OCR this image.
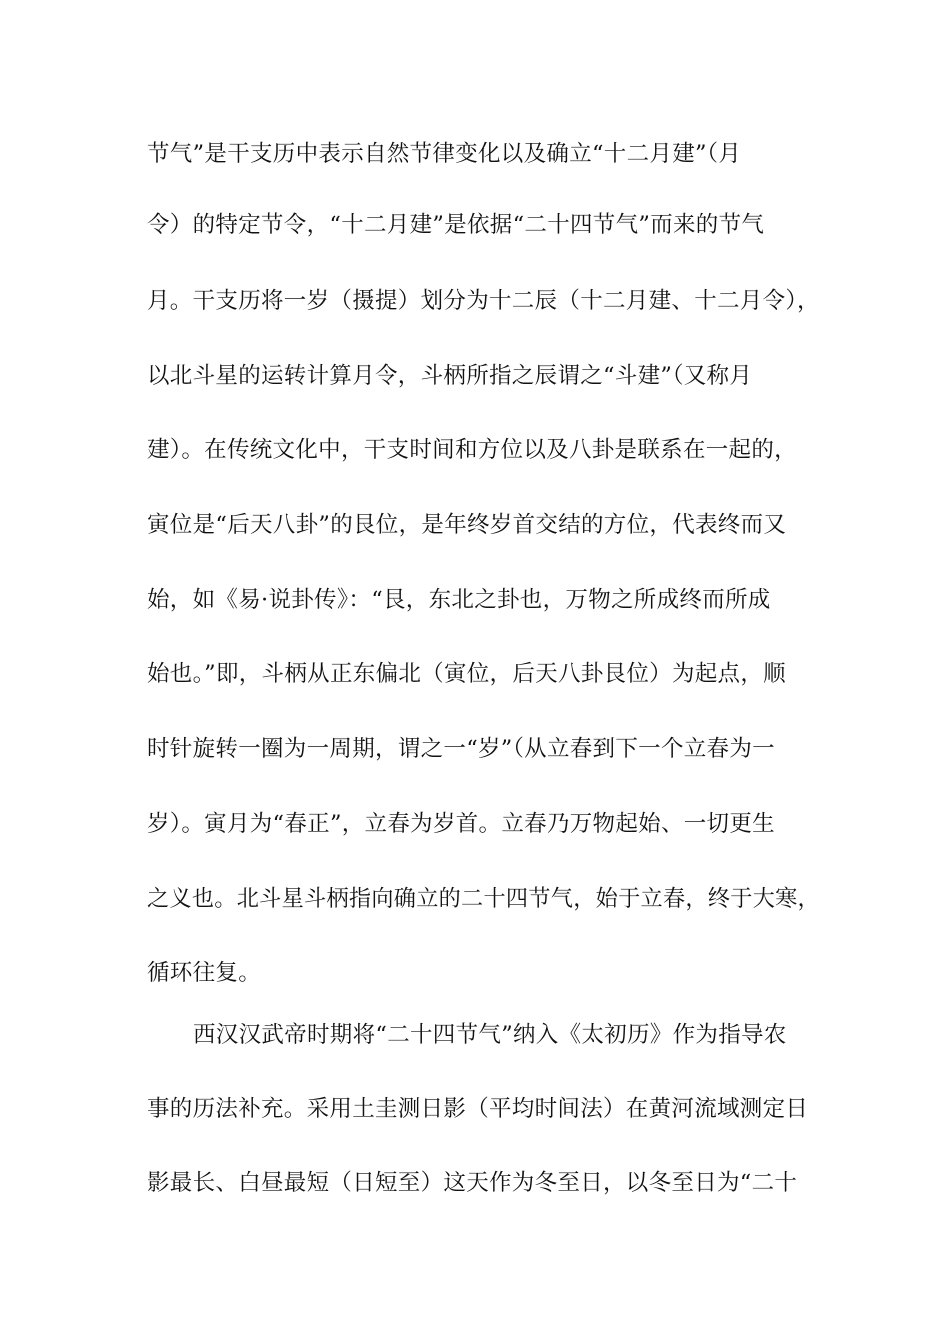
节气”是干支历中表示自然节律变化以及确立“十二月建”（月
令）的特定节令，“十二月建”是依据“二十四节气”而来的节气
月。干支历将一岁（摄提）划分为十二辰（十二月建、十二月令），
以北斗星的运转计算月令，斗柄所指之辰谓之“斗建”（又称月
建）。在传统文化中，干支时间和方位以及八卦是联系在一起的，
寅位是“后天八卦”的艮位，是年终岁首交结的方位，代表终而又
始，如《易·说卦传》：“艮，东北之卦也，万物之所成终而所成
始也。”即，斗柄从正东偏北（寅位，后天八卦艮位）为起点，顺
时针旋转一圈为一周期，谓之一“岁”（从立春到下一个立春为一
岁）。寅月为“春正”，立春为岁首。立春乃万物起始、一切更生
之义也。北斗星斗柄指向确立的二十四节气，始于立春，终于大寒，
循环往复。
西汉汉武帝时期将“二十四节气”纳入《太初历》作为指导农
事的历法补充。采用土圭测日影（平均时间法）在黄河流域测定日
影最长、白昼最短（日短至）这天作为冬至日，以冬至日为“二十
